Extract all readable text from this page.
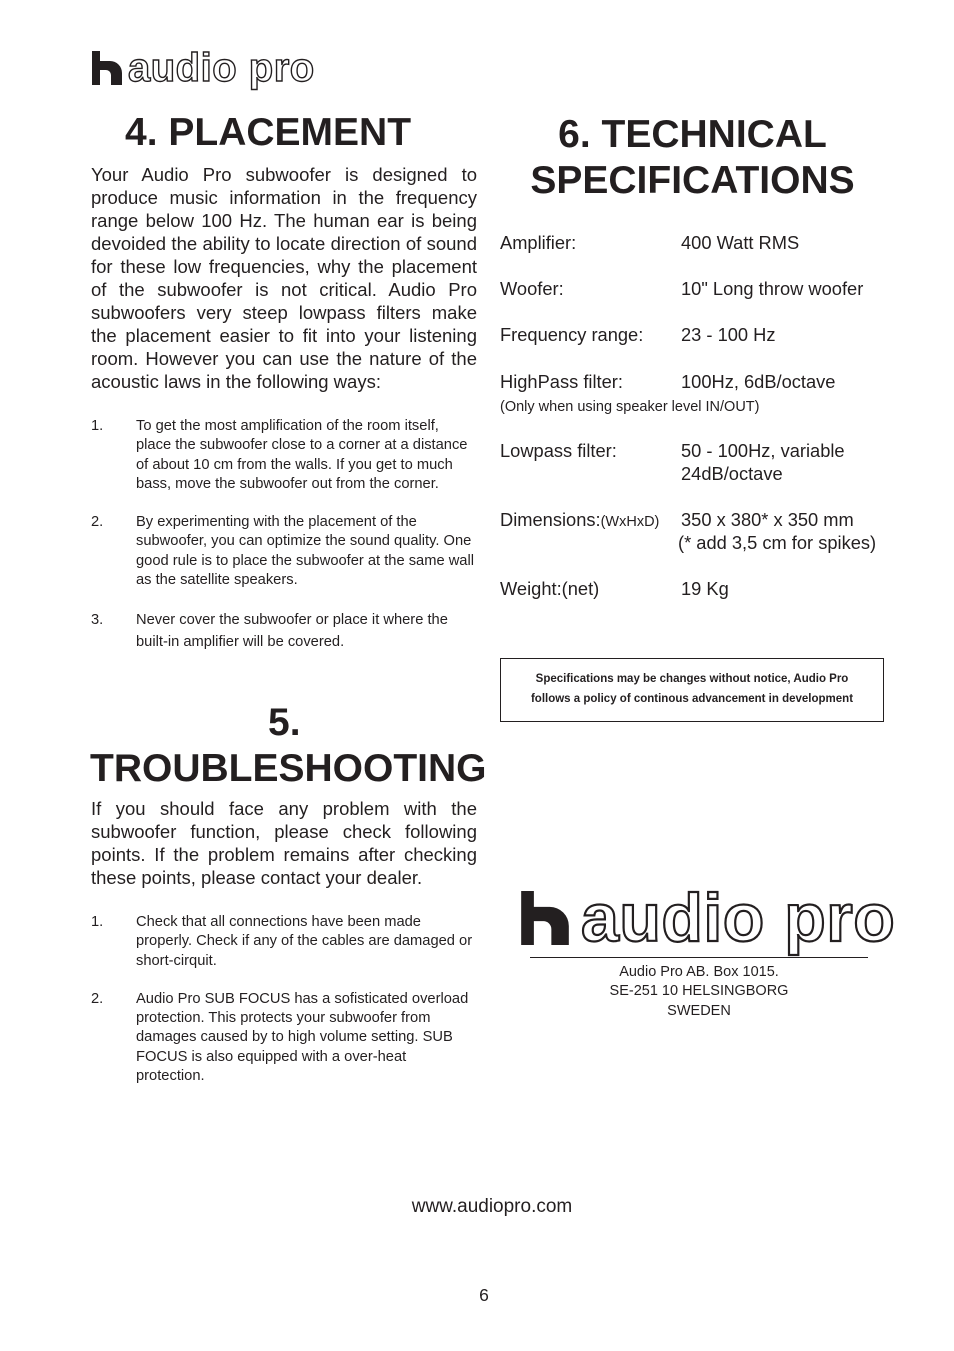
audio pro
4. PLACEMENT
Your Audio Pro subwoofer is designed to produce music information in the frequency range below 100 Hz. The human ear is being devoided the ability to locate direction of sound for these low frequencies, why the placement of the subwoofer is not critical. Audio Pro subwoofers very steep lowpass filters make the placement easier to fit into your listening room. However you can use the nature of the acoustic laws in the following ways:
1. To get the most amplification of the room itself, place the subwoofer close to a corner at a distance of about 10 cm from the walls. If you get to much bass, move the subwoofer out from the corner.
2. By experimenting with the placement of the subwoofer, you can optimize the sound quality. One good rule is to place the subwoofer at the same wall as the satellite speakers.
3. Never cover the subwoofer or place it where the built-in amplifier will be covered.
5.
TROUBLESHOOTING
If you should face any problem with the subwoofer function, please check following points. If the problem remains after checking these points, please contact your dealer.
1. Check that all connections have been made properly. Check if any of the cables are damaged or short-cirquit.
2. Audio Pro SUB FOCUS has a sofisticated overload protection. This protects your subwoofer from damages caused by to high volume setting. SUB FOCUS is also equipped with a over-heat protection.
6. TECHNICAL
SPECIFICATIONS
Amplifier:	400 Watt RMS
Woofer:	10" Long throw woofer
Frequency range: 23 - 100 Hz
HighPass filter:	100Hz, 6dB/octave
(Only when using speaker level IN/OUT)
Lowpass filter:	50 - 100Hz, variable
24dB/octave
Dimensions:(WxHxD) 350 x 380* x 350 mm
(* add 3,5 cm for spikes)
Weight:(net)	19 Kg
Specifications may be changes without notice, Audio Pro
follows a policy of continous advancement in development
audio pro
Audio Pro AB. Box 1015.
SE-251 10 HELSINGBORG
SWEDEN
www.audiopro.com
6
